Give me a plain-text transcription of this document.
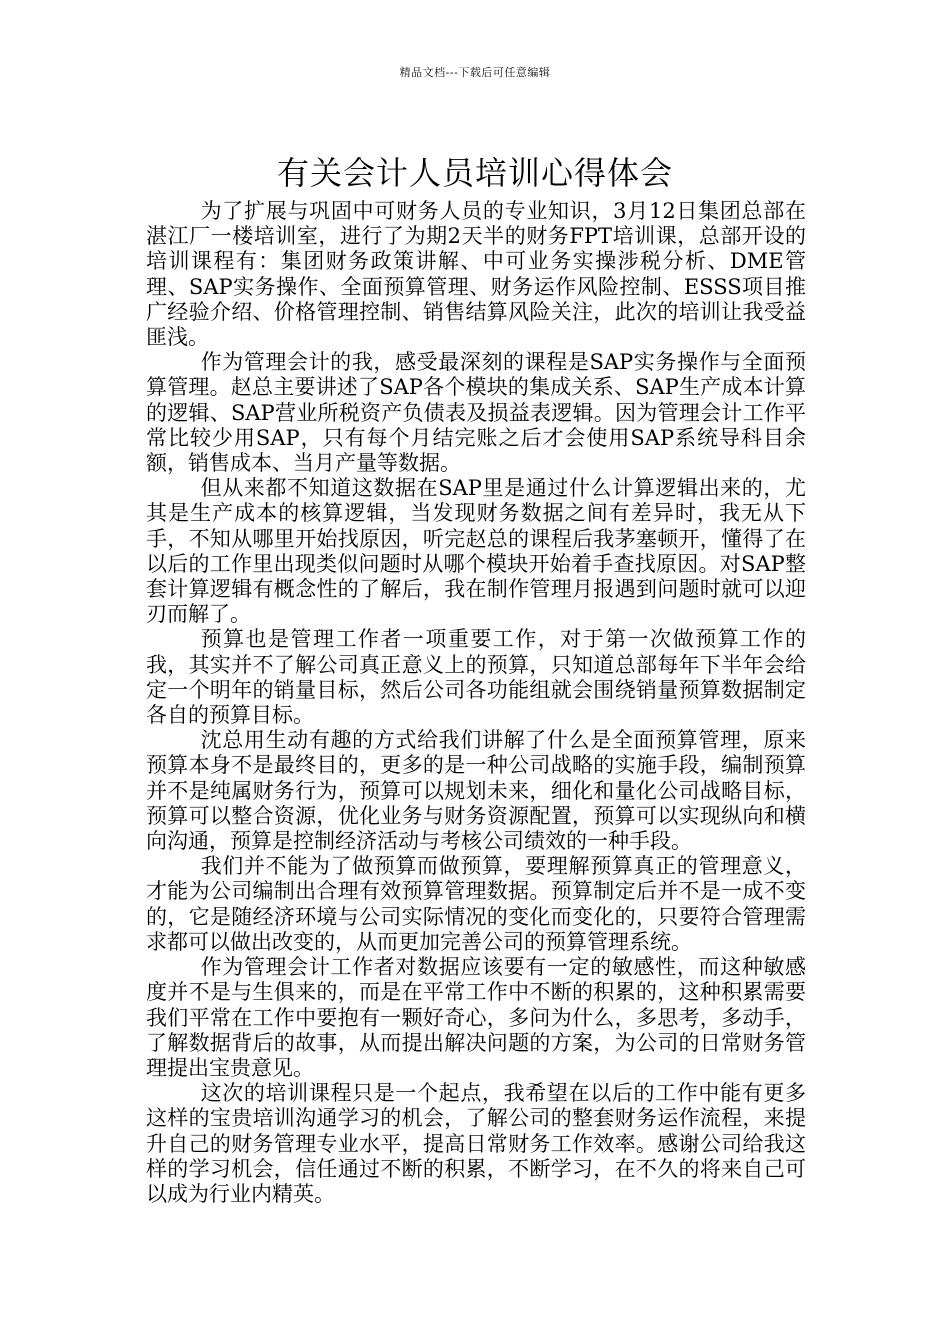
精品文档---下载后可任意编辑
有关会计人员培训心得体会

为了扩展与巩固中可财务人员的专业知识，3月12日集团总部在湛江厂一楼培训室，进行了为期2天半的财务FPT培训课，总部开设的培训课程有：集团财务政策讲解、中可业务实操涉税分析、DME管理、SAP实务操作、全面预算管理、财务运作风险控制、ESSS项目推广经验介绍、价格管理控制、销售结算风险关注，此次的培训让我受益匪浅。

作为管理会计的我，感受最深刻的课程是SAP实务操作与全面预算管理。赵总主要讲述了SAP各个模块的集成关系、SAP生产成本计算的逻辑、SAP营业所税资产负债表及损益表逻辑。因为管理会计工作平常比较少用SAP，只有每个月结完账之后才会使用SAP系统导科目余额，销售成本、当月产量等数据。

但从来都不知道这数据在SAP里是通过什么计算逻辑出来的，尤其是生产成本的核算逻辑，当发现财务数据之间有差异时，我无从下手，不知从哪里开始找原因，听完赵总的课程后我茅塞顿开，懂得了在以后的工作里出现类似问题时从哪个模块开始着手查找原因。对SAP整套计算逻辑有概念性的了解后，我在制作管理月报遇到问题时就可以迎刃而解了。

预算也是管理工作者一项重要工作，对于第一次做预算工作的我，其实并不了解公司真正意义上的预算，只知道总部每年下半年会给定一个明年的销量目标，然后公司各功能组就会围绕销量预算数据制定各自的预算目标。

沈总用生动有趣的方式给我们讲解了什么是全面预算管理，原来预算本身不是最终目的，更多的是一种公司战略的实施手段，编制预算并不是纯属财务行为，预算可以规划未来，细化和量化公司战略目标，预算可以整合资源，优化业务与财务资源配置，预算可以实现纵向和横向沟通，预算是控制经济活动与考核公司绩效的一种手段。

我们并不能为了做预算而做预算，要理解预算真正的管理意义，才能为公司编制出合理有效预算管理数据。预算制定后并不是一成不变的，它是随经济环境与公司实际情况的变化而变化的，只要符合管理需求都可以做出改变的，从而更加完善公司的预算管理系统。

作为管理会计工作者对数据应该要有一定的敏感性，而这种敏感度并不是与生俱来的，而是在平常工作中不断的积累的，这种积累需要我们平常在工作中要抱有一颗好奇心，多问为什么，多思考，多动手，了解数据背后的故事，从而提出解决问题的方案，为公司的日常财务管理提出宝贵意见。

这次的培训课程只是一个起点，我希望在以后的工作中能有更多这样的宝贵培训沟通学习的机会，了解公司的整套财务运作流程，来提升自己的财务管理专业水平，提高日常财务工作效率。感谢公司给我这样的学习机会，信任通过不断的积累，不断学习，在不久的将来自己可以成为行业内精英。
